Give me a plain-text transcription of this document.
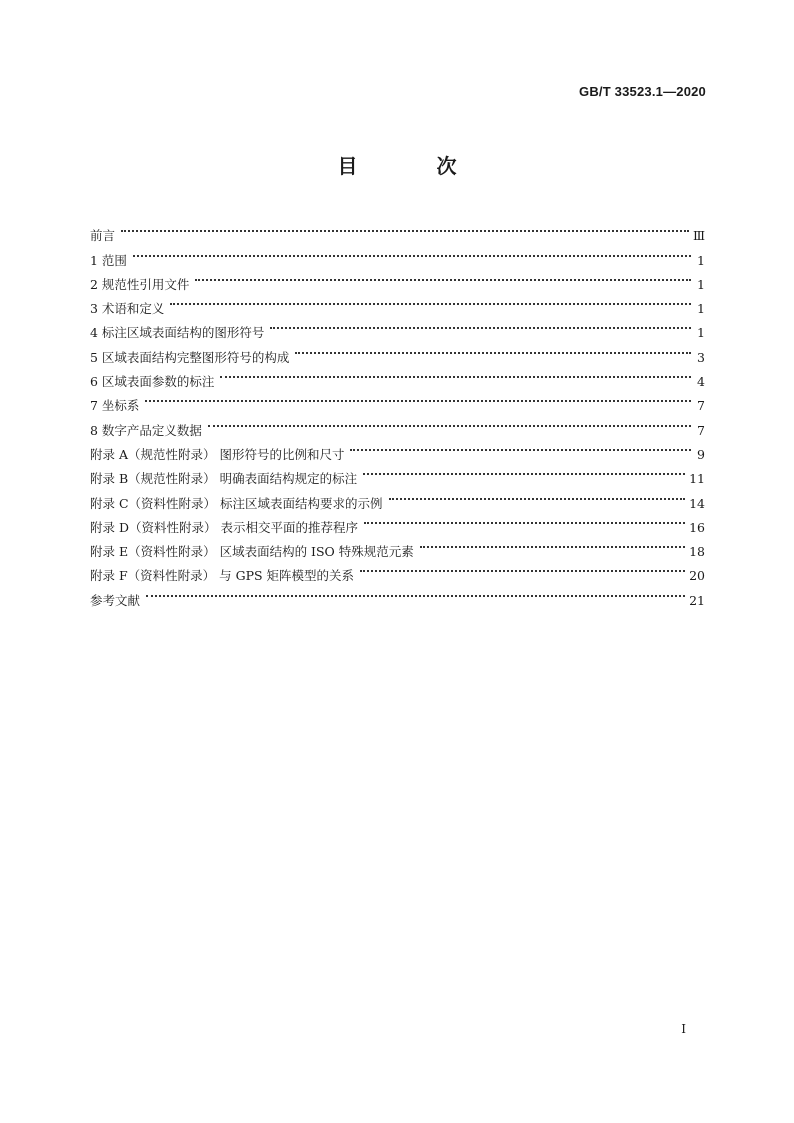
GB/T 33523.1—2020
目 次
前言	Ⅲ
1 范围	1
2 规范性引用文件	1
3 术语和定义	1
4 标注区域表面结构的图形符号	1
5 区域表面结构完整图形符号的构成	3
6 区域表面参数的标注	4
7 坐标系	7
8 数字产品定义数据	7
附录 A（规范性附录） 图形符号的比例和尺寸	9
附录 B（规范性附录） 明确表面结构规定的标注	11
附录 C（资料性附录） 标注区域表面结构要求的示例	14
附录 D（资料性附录） 表示相交平面的推荐程序	16
附录 E（资料性附录） 区域表面结构的 ISO 特殊规范元素	18
附录 F（资料性附录） 与 GPS 矩阵模型的关系	20
参考文献	21
I
